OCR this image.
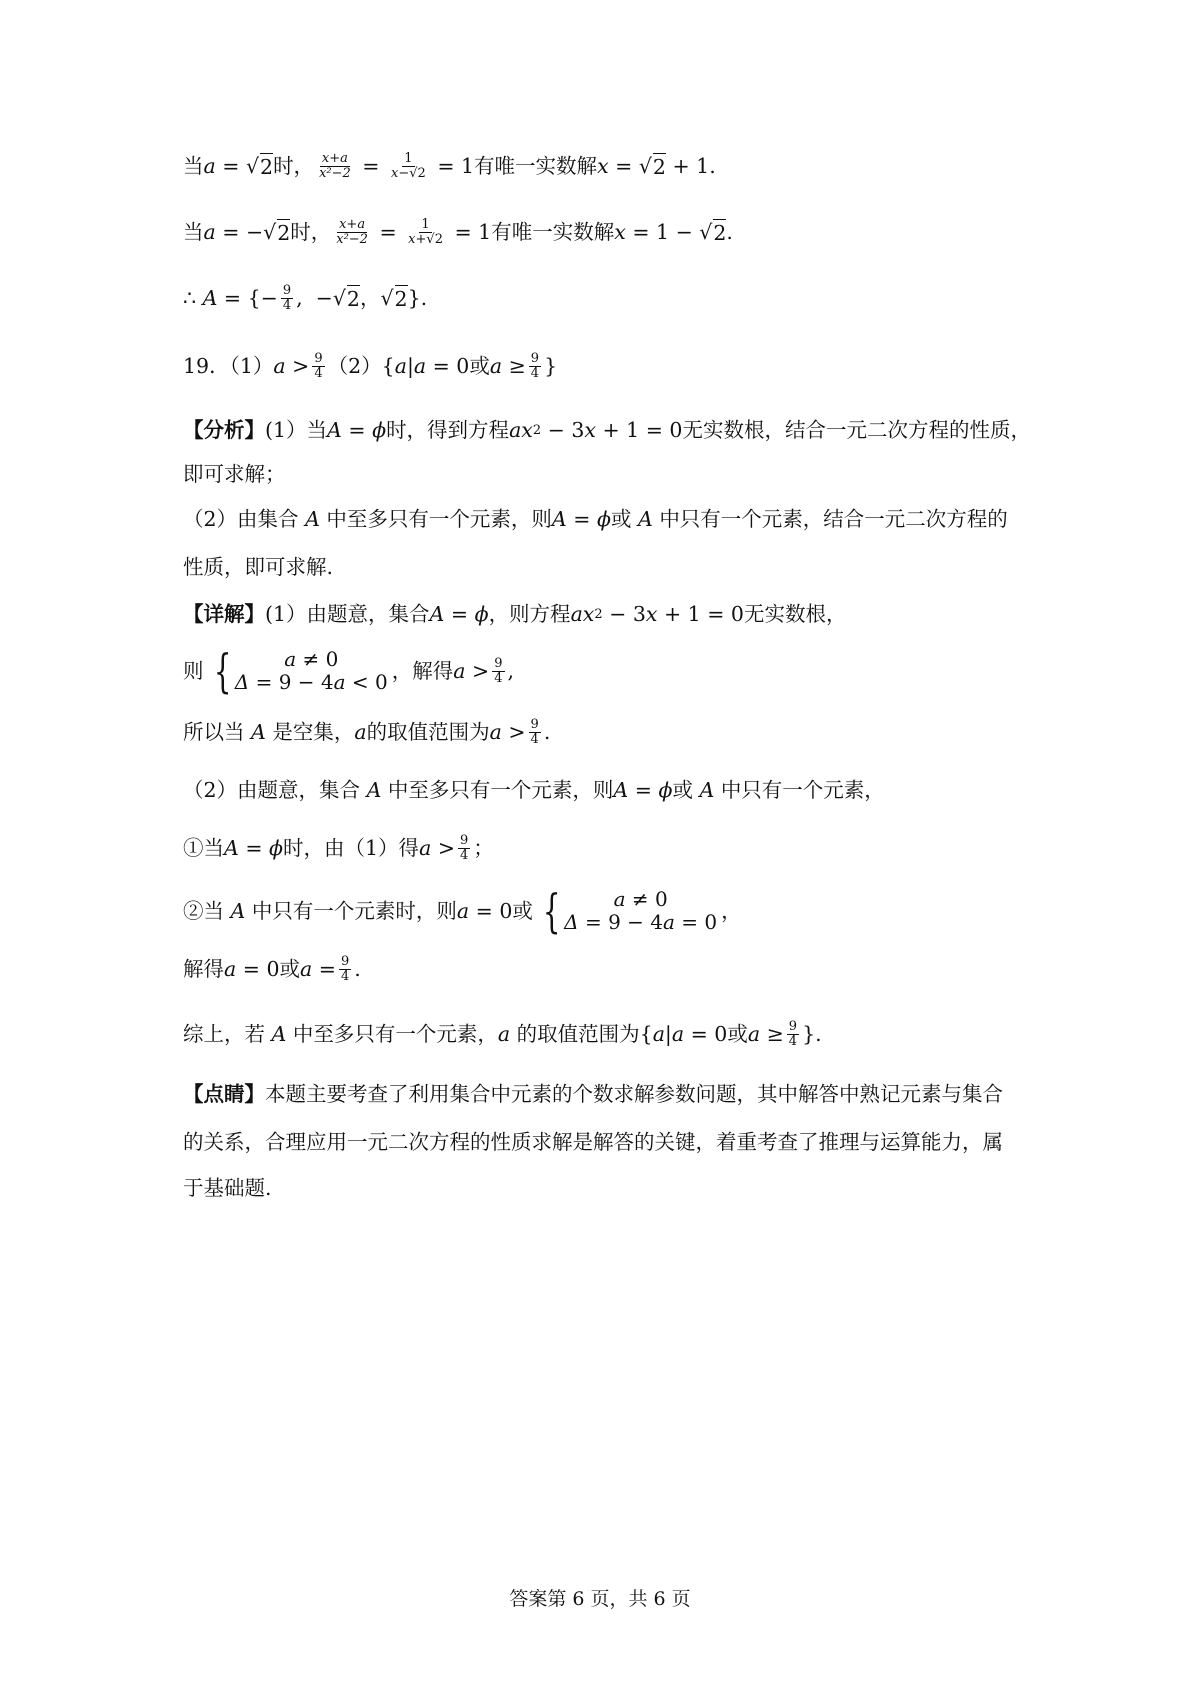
当 a = √ 2 时， $\frac{x+a}{\text{x²−2}} = \frac{1}{x-√2} = 1$ 有唯一实数解 x = √ 2 + 1 .
当 a = −√ 2 时， $\frac{x+a}{\text{x²−2}} = \frac{1}{x+√2} = 1$ 有唯一实数解 x = 1 − √ 2 .
∴
A = {− $\frac{9}{4}$ ,  −√ 2 ，√ 2 }.
19．（1） $a > \frac{9}{4} (2)$ { a | a = 0或 $a \ge \frac{9}{4}$ }
【分析】 (1）当 A = ϕ 时，得到方程 ax 2 − 3 x + 1 = 0 无实数根，结合一元二次方程的性质，
即可求解；
（2）由集合
A
中至多只有一个元素，则 A = ϕ 或
A
中只有一个元素，结合一元二次方程的
性质，即可求解.
【详解】 (1）由题意，集合 A = ϕ ，则方程 ax 2 − 3 x + 1 = 0 无实数根，
则 {	a ≠ 0
Δ = 9 − 4a < 0 ，解得 $a > \frac{9}{4}$ ,
所以当
A
是空集， a 的取值范围为 $a > \frac{9}{4}$ .
（2）由题意，集合
A
中至多只有一个元素，则 A = ϕ 或
A
中只有一个元素，
①当 A = ϕ 时，由（1）得 $a > \frac{9}{4}$ ；
②当
A
中只有一个元素时，则 a = 0 或 {	a ≠ 0
Δ = 9 − 4a = 0 ，
解得 a = 0 或 $a = \frac{9}{4}$ .
综上，若
A
中至多只有一个元素， a
的取值范围为 { a | a = 0或 $a \ge \frac{9}{4}$ } .
【点睛】 本题主要考查了利用集合中元素的个数求解参数问题，其中解答中熟记元素与集合
的关系，合理应用一元二次方程的性质求解是解答的关键，着重考查了推理与运算能力，属
于基础题.
答案第 6 页，共 6 页
